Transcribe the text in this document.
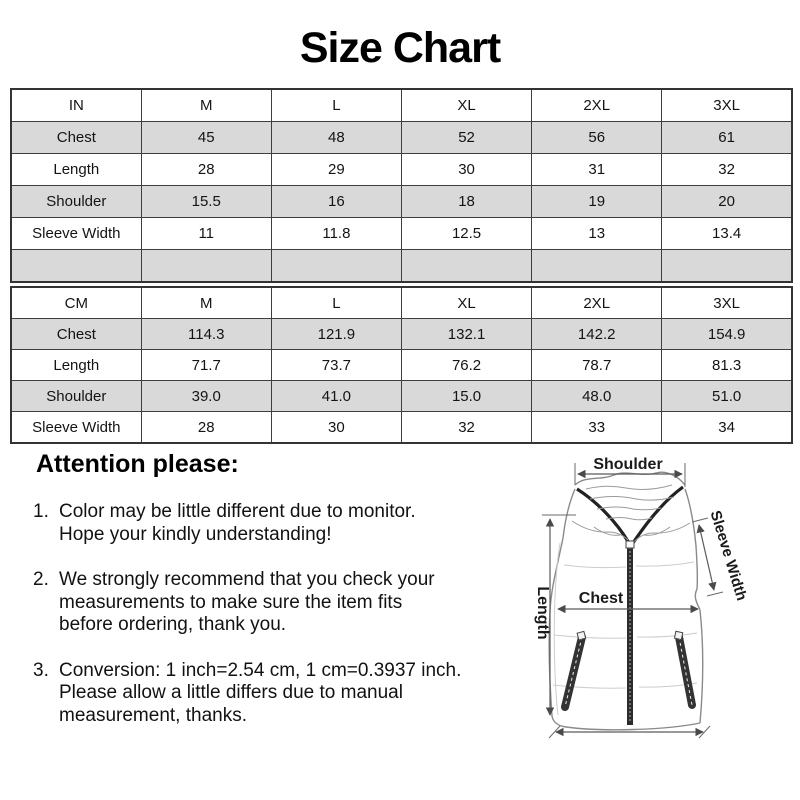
Size Chart
IN	M	L	XL	2XL	3XL
Chest	45	48	52	56	61
Length	28	29	30	31	32
Shoulder	15.5	16	18	19	20
Sleeve Width	11	11.8	12.5	13	13.4

CM	M	L	XL	2XL	3XL
Chest	114.3	121.9	132.1	142.2	154.9
Length	71.7	73.7	76.2	78.7	81.3
Shoulder	39.0	41.0	15.0	48.0	51.0
Sleeve Width	28	30	32	33	34
Attention please:
1. Color may be little different due to monitor.
Hope your kindly understanding!
2. We strongly recommend that you check your
measurements to make sure the item fits
before ordering, thank you.
3. Conversion: 1 inch=2.54 cm, 1 cm=0.3937 inch.
Please allow a little differs due to manual
measurement, thanks.
Shoulder
Sleeve Width
Chest
Length
